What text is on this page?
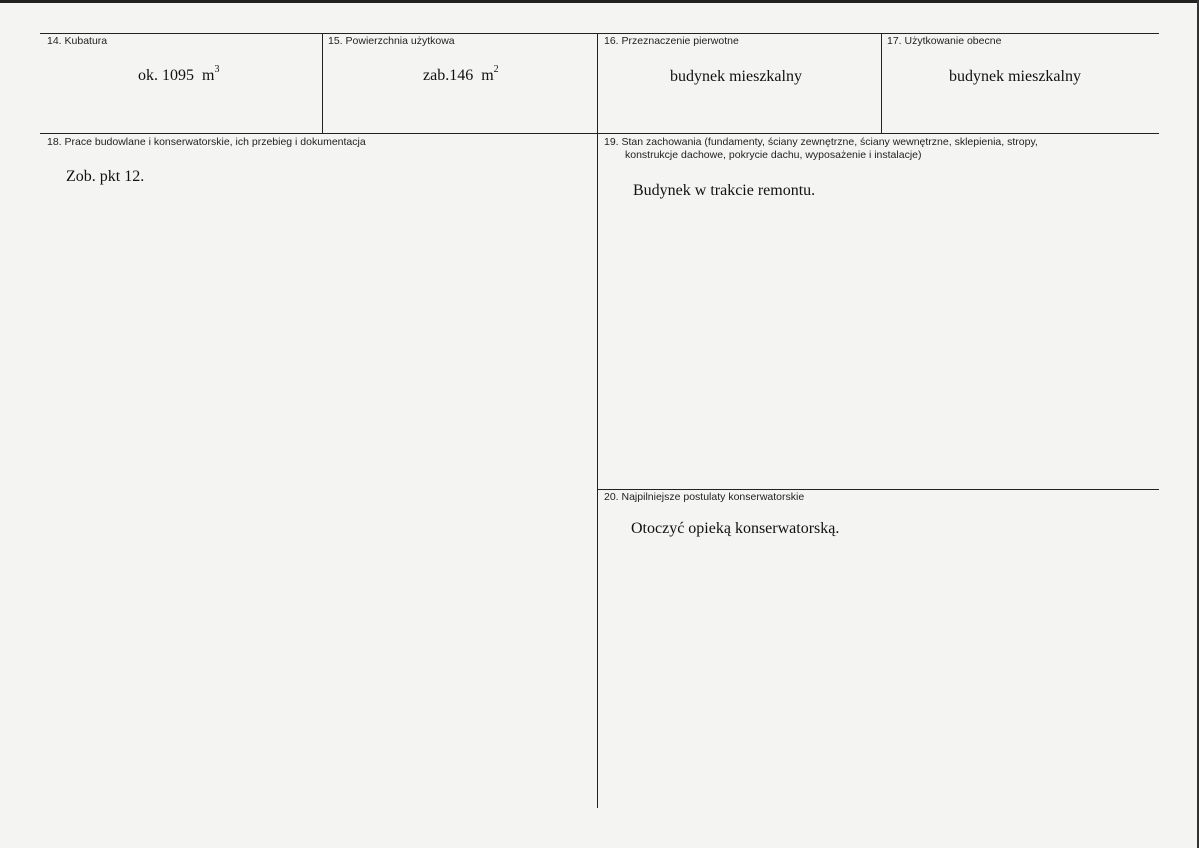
14. Kubatura
ok. 1095  $m^3$
15. Powierzchnia użytkowa
zab.146  $m^2$
16. Przeznaczenie pierwotne
budynek mieszkalny
17. Użytkowanie obecne
budynek mieszkalny
18. Prace budowlane i konserwatorskie, ich przebieg i dokumentacja
Zob. pkt 12.
19. Stan zachowania (fundamenty, ściany zewnętrzne, ściany wewnętrzne, sklepienia, stropy,
konstrukcje dachowe, pokrycie dachu, wyposażenie i instalacje)
Budynek w trakcie remontu.
20. Najpilniejsze postulaty konserwatorskie
Otoczyć opieką konserwatorską.
